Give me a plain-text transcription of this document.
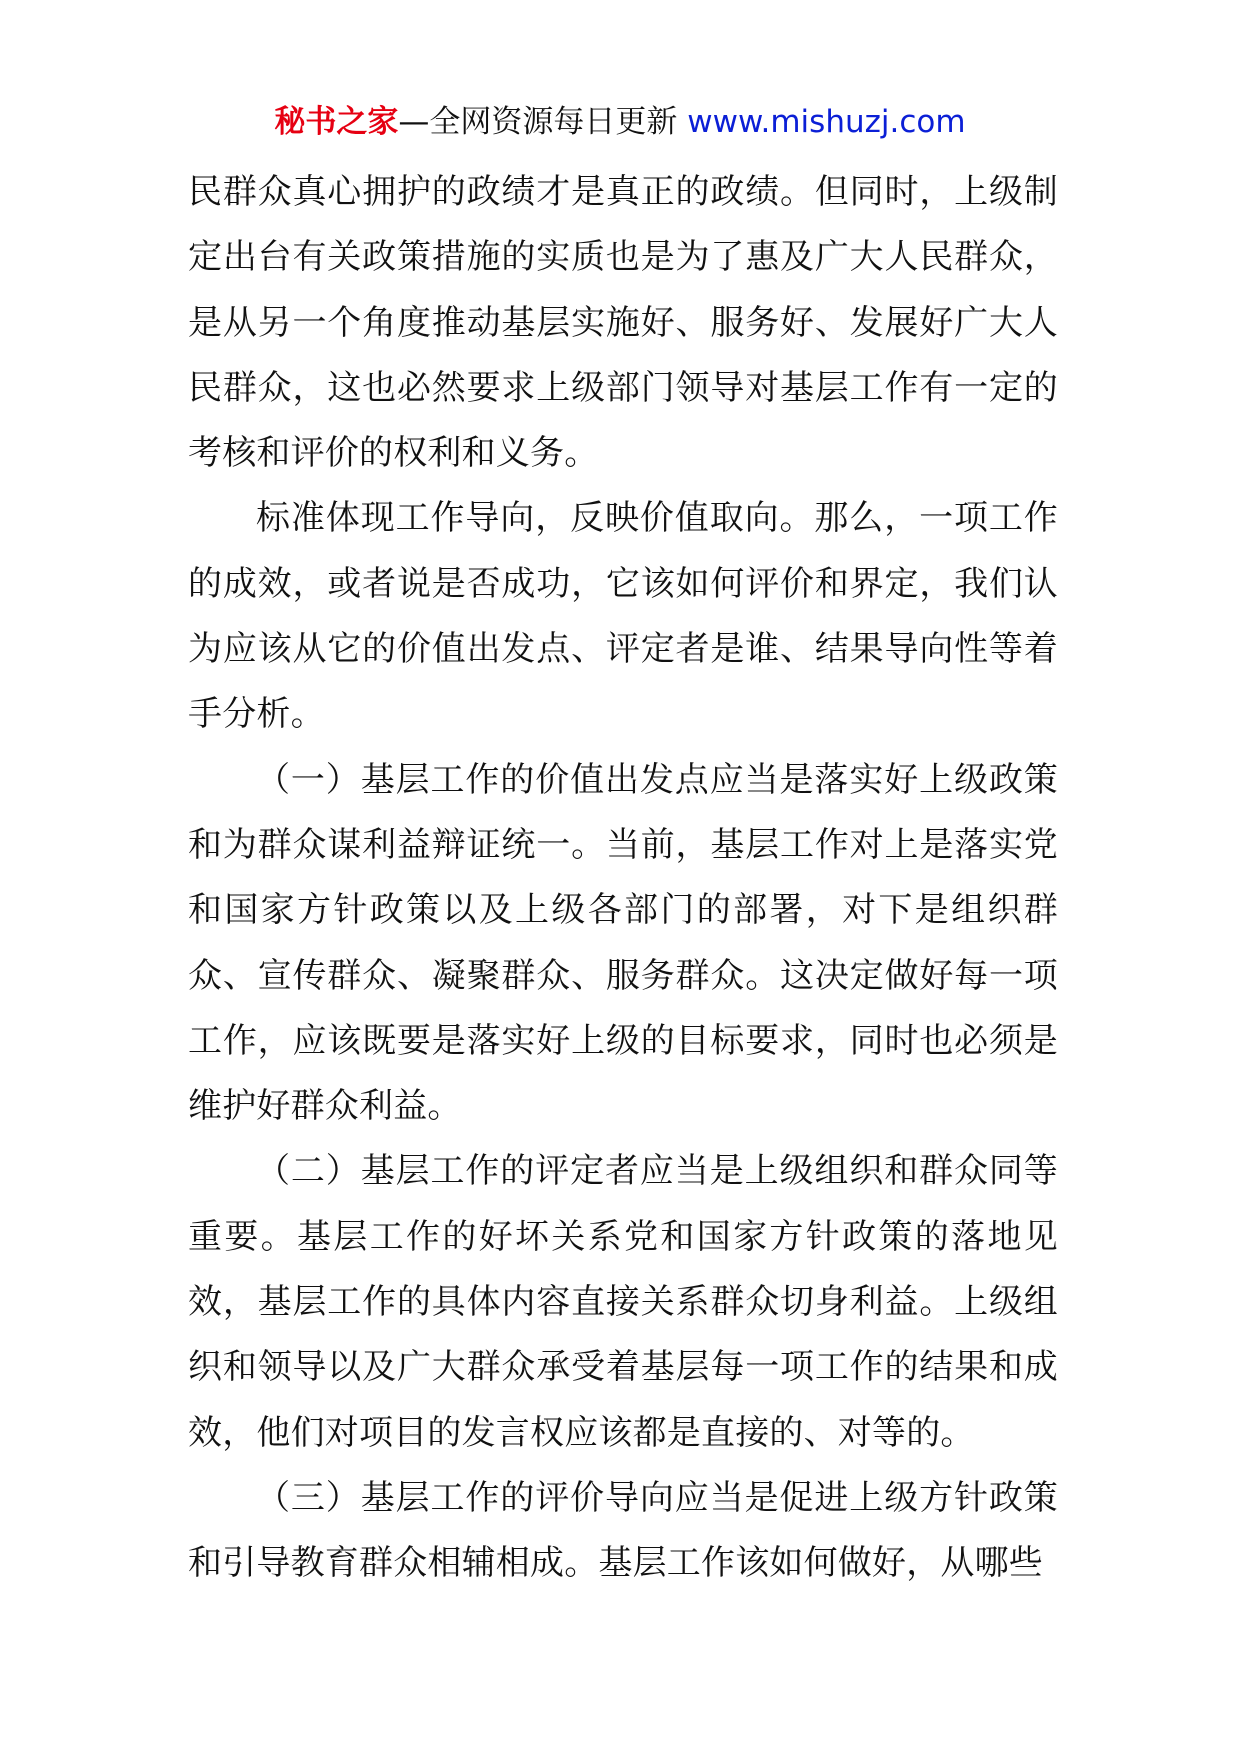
秘书之家—全网资源每日更新 www.mishuzj.com

民群众真心拥护的政绩才是真正的政绩。但同时，上级制定出台有关政策措施的实质也是为了惠及广大人民群众，是从另一个角度推动基层实施好、服务好、发展好广大人民群众，这也必然要求上级部门领导对基层工作有一定的考核和评价的权利和义务。

标准体现工作导向，反映价值取向。那么，一项工作的成效，或者说是否成功，它该如何评价和界定，我们认为应该从它的价值出发点、评定者是谁、结果导向性等着手分析。

（一）基层工作的价值出发点应当是落实好上级政策和为群众谋利益辩证统一。当前，基层工作对上是落实党和国家方针政策以及上级各部门的部署，对下是组织群众、宣传群众、凝聚群众、服务群众。这决定做好每一项工作，应该既要是落实好上级的目标要求，同时也必须是维护好群众利益。

（二）基层工作的评定者应当是上级组织和群众同等重要。基层工作的好坏关系党和国家方针政策的落地见效，基层工作的具体内容直接关系群众切身利益。上级组织和领导以及广大群众承受着基层每一项工作的结果和成效，他们对项目的发言权应该都是直接的、对等的。

（三）基层工作的评价导向应当是促进上级方针政策和引导教育群众相辅相成。基层工作该如何做好，从哪些
